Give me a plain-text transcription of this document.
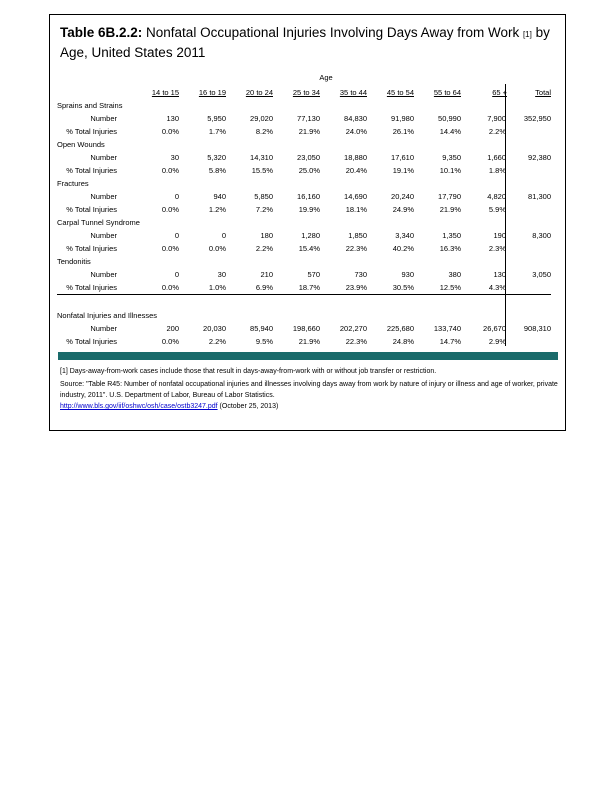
Table 6B.2.2: Nonfatal Occupational Injuries Involving Days Away from Work [1] by Age, United States 2011
Age
	14 to 15	16 to 19	20 to 24	25 to 34	35 to 44	45 to 54	55 to 64	65 +	Total
Sprains and Strains									
Number	130	5,950	29,020	77,130	84,830	91,980	50,990	7,900	352,950
% Total Injuries	0.0%	1.7%	8.2%	21.9%	24.0%	26.1%	14.4%	2.2%	
Open Wounds									
Number	30	5,320	14,310	23,050	18,880	17,610	9,350	1,660	92,380
% Total Injuries	0.0%	5.8%	15.5%	25.0%	20.4%	19.1%	10.1%	1.8%	
Fractures									
Number	0	940	5,850	16,160	14,690	20,240	17,790	4,820	81,300
% Total Injuries	0.0%	1.2%	7.2%	19.9%	18.1%	24.9%	21.9%	5.9%	
Carpal Tunnel Syndrome									
Number	0	0	180	1,280	1,850	3,340	1,350	190	8,300
% Total Injuries	0.0%	0.0%	2.2%	15.4%	22.3%	40.2%	16.3%	2.3%	
Tendonitis									
Number	0	30	210	570	730	930	380	130	3,050
% Total Injuries	0.0%	1.0%	6.9%	18.7%	23.9%	30.5%	12.5%	4.3%	

Nonfatal Injuries and Illnesses									
Number	200	20,030	85,940	198,660	202,270	225,680	133,740	26,670	908,310
% Total Injuries	0.0%	2.2%	9.5%	21.9%	22.3%	24.8%	14.7%	2.9%	
[1] Days-away-from-work cases include those that result in days-away-from-work with or without job transfer or restriction.
Source: "Table R45: Number of nonfatal occupational injuries and illnesses involving days away from work by nature of injury or illness and age of worker, private industry, 2011". U.S. Department of Labor, Bureau of Labor Statistics.
http://www.bls.gov/iif/oshwc/osh/case/ostb3247.pdf (October 25, 2013)
